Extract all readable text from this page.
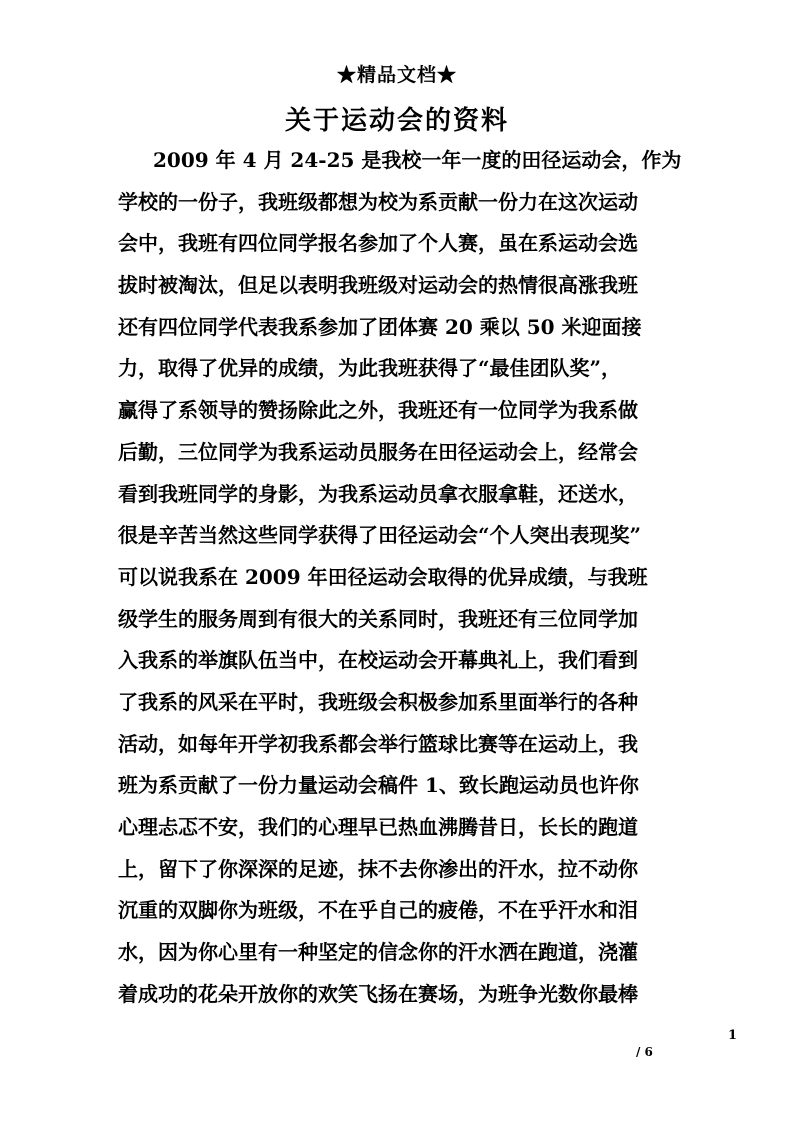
★精品文档★
关于运动会的资料
2009 年 4 月 24-25 是我校一年一度的田径运动会，作为
学校的一份子，我班级都想为校为系贡献一份力在这次运动
会中，我班有四位同学报名参加了个人赛，虽在系运动会选
拔时被淘汰，但足以表明我班级对运动会的热情很高涨我班
还有四位同学代表我系参加了团体赛 20 乘以 50 米迎面接
力，取得了优异的成绩，为此我班获得了“最佳团队奖”，
赢得了系领导的赞扬除此之外，我班还有一位同学为我系做
后勤，三位同学为我系运动员服务在田径运动会上，经常会
看到我班同学的身影，为我系运动员拿衣服拿鞋，还送水，
很是辛苦当然这些同学获得了田径运动会“个人突出表现奖”
可以说我系在 2009 年田径运动会取得的优异成绩，与我班
级学生的服务周到有很大的关系同时，我班还有三位同学加
入我系的举旗队伍当中，在校运动会开幕典礼上，我们看到
了我系的风采在平时，我班级会积极参加系里面举行的各种
活动，如每年开学初我系都会举行篮球比赛等在运动上，我
班为系贡献了一份力量运动会稿件 1、致长跑运动员也许你
心理忐忑不安，我们的心理早已热血沸腾昔日，长长的跑道
上，留下了你深深的足迹，抹不去你渗出的汗水，拉不动你
沉重的双脚你为班级，不在乎自己的疲倦，不在乎汗水和泪
水，因为你心里有一种坚定的信念你的汗水洒在跑道，浇灌
着成功的花朵开放你的欢笑飞扬在赛场，为班争光数你最棒
1
/ 6
